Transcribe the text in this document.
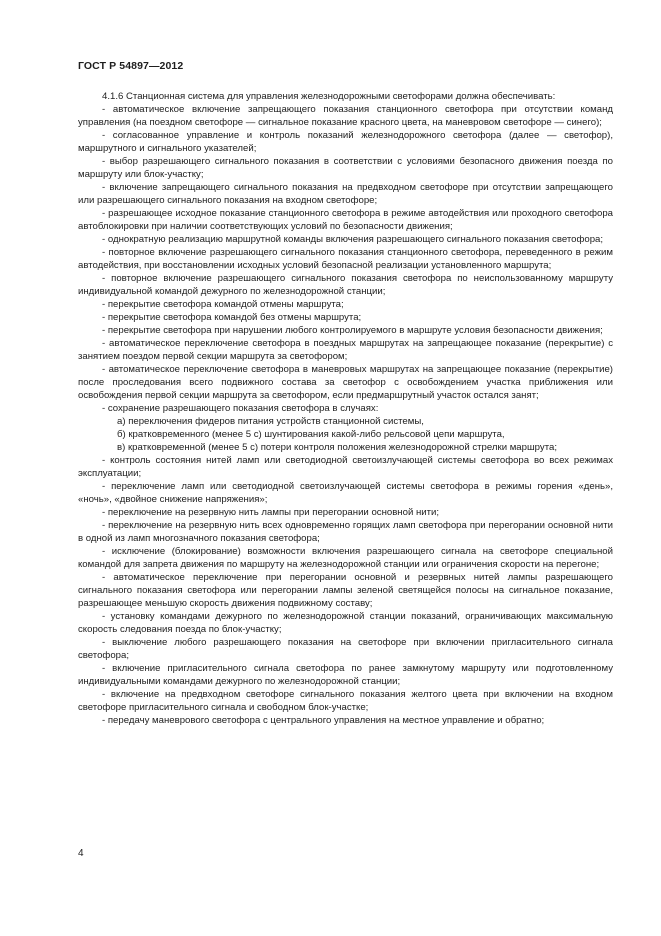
ГОСТ Р 54897—2012

4.1.6 Станционная система для управления железнодорожными светофорами должна обеспечивать:

- автоматическое включение запрещающего показания станционного светофора при отсутствии команд управления (на поездном светофоре — сигнальное показание красного цвета, на маневровом светофоре — синего);

- согласованное управление и контроль показаний железнодорожного светофора (далее — светофор), маршрутного и сигнального указателей;

- выбор разрешающего сигнального показания в соответствии с условиями безопасного движения поезда по маршруту или блок-участку;

- включение запрещающего сигнального показания на предвходном светофоре при отсутствии запрещающего или разрешающего сигнального показания на входном светофоре;

- разрешающее исходное показание станционного светофора в режиме автодействия или проходного светофора автоблокировки при наличии соответствующих условий по безопасности движения;

- однократную реализацию маршрутной команды включения разрешающего сигнального показания светофора;

- повторное включение разрешающего сигнального показания станционного светофора, переведенного в режим автодействия, при восстановлении исходных условий безопасной реализации установленного маршрута;

- повторное включение разрешающего сигнального показания светофора по неиспользованному маршруту индивидуальной командой дежурного по железнодорожной станции;

- перекрытие светофора командой отмены маршрута;

- перекрытие светофора командой без отмены маршрута;

- перекрытие светофора при нарушении любого контролируемого в маршруте условия безопасности движения;

- автоматическое переключение светофора в поездных маршрутах на запрещающее показание (перекрытие) с занятием поездом первой секции маршрута за светофором;

- автоматическое переключение светофора в маневровых маршрутах на запрещающее показание (перекрытие) после проследования всего подвижного состава за светофор с освобождением участка приближения или освобождения первой секции маршрута за светофором, если предмаршрутный участок остался занят;

- сохранение разрешающего показания светофора в случаях:

а) переключения фидеров питания устройств станционной системы,

б) кратковременного (менее 5 с) шунтирования какой-либо рельсовой цепи маршрута,

в) кратковременной (менее 5 с) потери контроля положения железнодорожной стрелки маршрута;

- контроль состояния нитей ламп или светодиодной светоизлучающей системы светофора во всех режимах эксплуатации;

- переключение ламп или светодиодной светоизлучающей системы светофора в режимы горения «день», «ночь», «двойное снижение напряжения»;

- переключение на резервную нить лампы при перегорании основной нити;

- переключение на резервную нить всех одновременно горящих ламп светофора при перегорании основной нити в одной из ламп многозначного показания светофора;

- исключение (блокирование) возможности включения разрешающего сигнала на светофоре специальной командой для запрета движения по маршруту на железнодорожной станции или ограничения скорости на перегоне;

- автоматическое переключение при перегорании основной и резервных нитей лампы разрешающего сигнального показания светофора или перегорании лампы зеленой светящейся полосы на сигнальное показание, разрешающее меньшую скорость движения подвижному составу;

- установку командами дежурного по железнодорожной станции показаний, ограничивающих максимальную скорость следования поезда по блок-участку;

- выключение любого разрешающего показания на светофоре при включении пригласительного сигнала светофора;

- включение пригласительного сигнала светофора по ранее замкнутому маршруту или подготовленному индивидуальными командами дежурного по железнодорожной станции;

- включение на предвходном светофоре сигнального показания желтого цвета при включении на входном светофоре пригласительного сигнала и свободном блок-участке;

- передачу маневрового светофора с центрального управления на местное управление и обратно;

4
